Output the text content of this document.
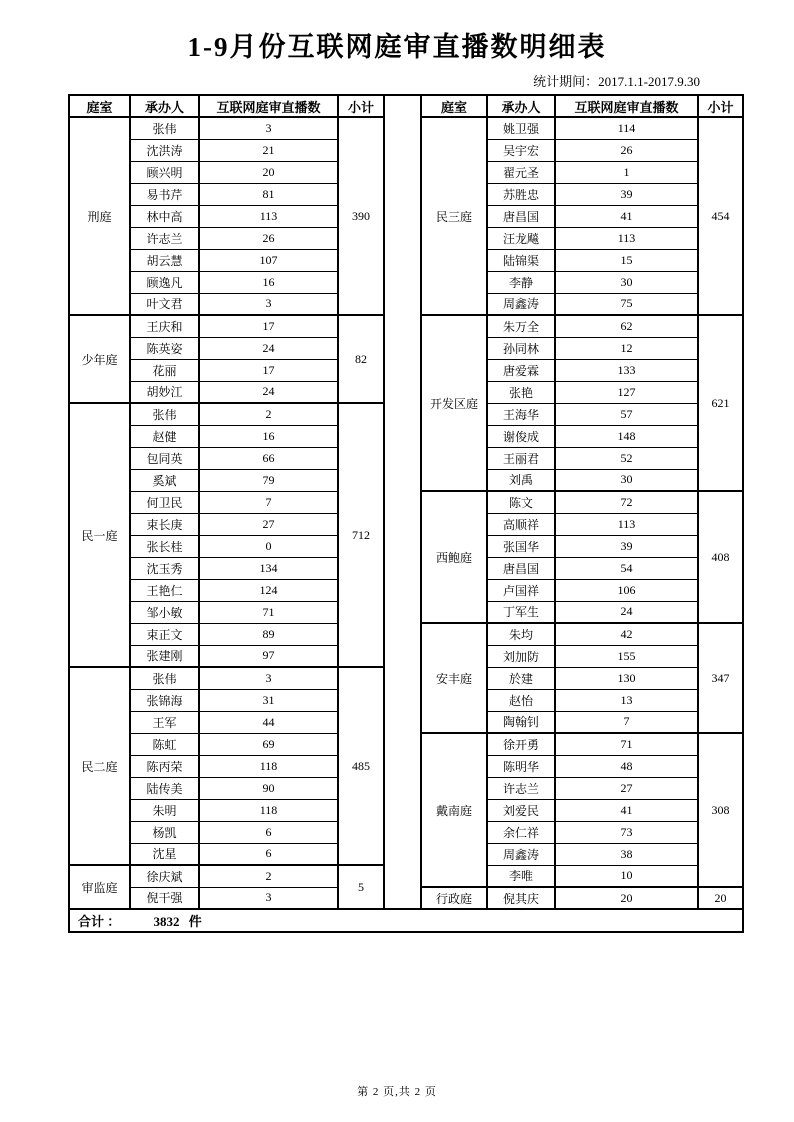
1-9月份互联网庭审直播数明细表
统计期间：2017.1.1-2017.9.30
庭室	承办人	互联网庭审直播数	小计		庭室	承办人	互联网庭审直播数	小计
刑庭	张伟	3	390		民三庭	姚卫强	114	454
	沈洪涛	21				吴宇宏	26	
	顾兴明	20				翟元圣	1	
	易书芹	81				苏胜忠	39	
	林中高	113				唐昌国	41	
	许志兰	26				汪龙飚	113	
	胡云慧	107				陆锦渠	15	
	顾逸凡	16				李静	30	
	叶文君	3				周鑫涛	75	
少年庭	王庆和	17	82		开发区庭	朱万全	62	621
	陈英姿	24				孙同林	12	
	花丽	17				唐爱霖	133	
	胡妙江	24				张艳	127	
民一庭	张伟	2	712			王海华	57	
	赵健	16				谢俊成	148	
	包同英	66				王丽君	52	
	奚斌	79				刘禹	30	
	何卫民	7			西鲍庭	陈文	72	408
	束长庚	27				高顺祥	113	
	张长桂	0				张国华	39	
	沈玉秀	134				唐昌国	54	
	王艳仁	124				卢国祥	106	
	邹小敏	71				丁军生	24	
	束正文	89			安丰庭	朱均	42	347
	张建刚	97				刘加防	155	
民二庭	张伟	3	485			於建	130	
	张锦海	31				赵怡	13	
	王军	44				陶翰钊	7	
	陈虹	69			戴南庭	徐开勇	71	308
	陈丙荣	118				陈明华	48	
	陆传美	90				许志兰	27	
	朱明	118				刘爱民	41	
	杨凯	6				余仁祥	73	
	沈星	6				周鑫涛	38	
审监庭	徐庆斌	2	5			李唯	10	
	倪干强	3			行政庭	倪其庆	20	20
合计 ： 3832 件								
第 2 页,共 2 页
